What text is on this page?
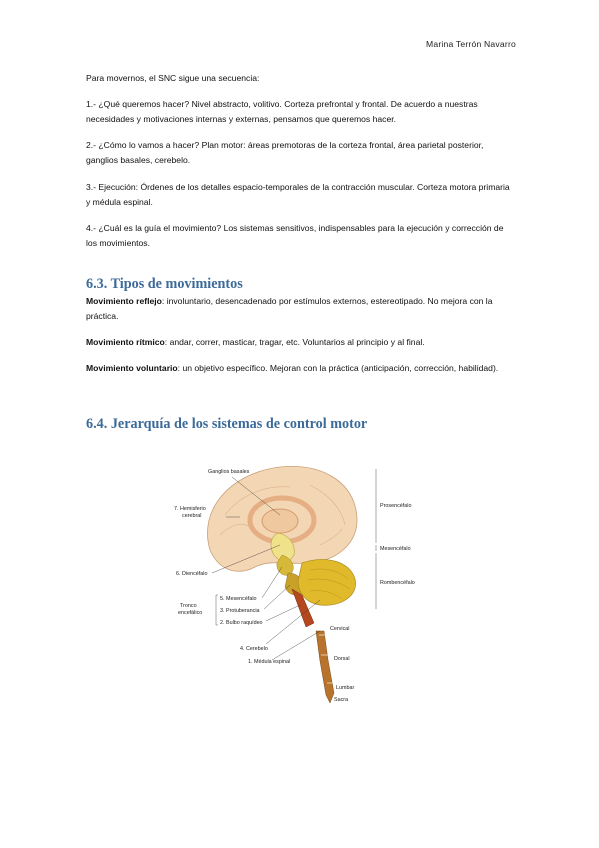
Marina Terrón Navarro
Para movernos, el SNC sigue una secuencia:
1.- ¿Qué queremos hacer? Nivel abstracto, volitivo. Corteza prefrontal y frontal. De acuerdo a nuestras necesidades y motivaciones internas y externas, pensamos que queremos hacer.
2.- ¿Cómo lo vamos a hacer? Plan motor: áreas premotoras de la corteza frontal, área parietal posterior, ganglios basales, cerebelo.
3.- Ejecución: Órdenes de los detalles espacio-temporales de la contracción muscular. Corteza motora primaria y médula espinal.
4.- ¿Cuál es la guía el movimiento? Los sistemas sensitivos, indispensables para la ejecución y corrección de los movimientos.
6.3. Tipos de movimientos
Movimiento reflejo: involuntario, desencadenado por estímulos externos, estereotipado. No mejora con la práctica.
Movimiento rítmico: andar, correr, masticar, tragar, etc. Voluntarios al principio y al final.
Movimiento voluntario: un objetivo específico. Mejoran con la práctica (anticipación, corrección, habilidad).
6.4. Jerarquía de los sistemas de control motor
Ganglios basales
7. Hemisferio
cerebral
6. Diencéfalo
Tronco
encefálico
5. Mesencéfalo
3. Protuberancia
2. Bulbo raquídeo
4. Cerebelo
1. Médula espinal
Prosencéfalo
Mesencéfalo
Rombencéfalo
Cervical
Dorsal
Lumbar
Sacra
